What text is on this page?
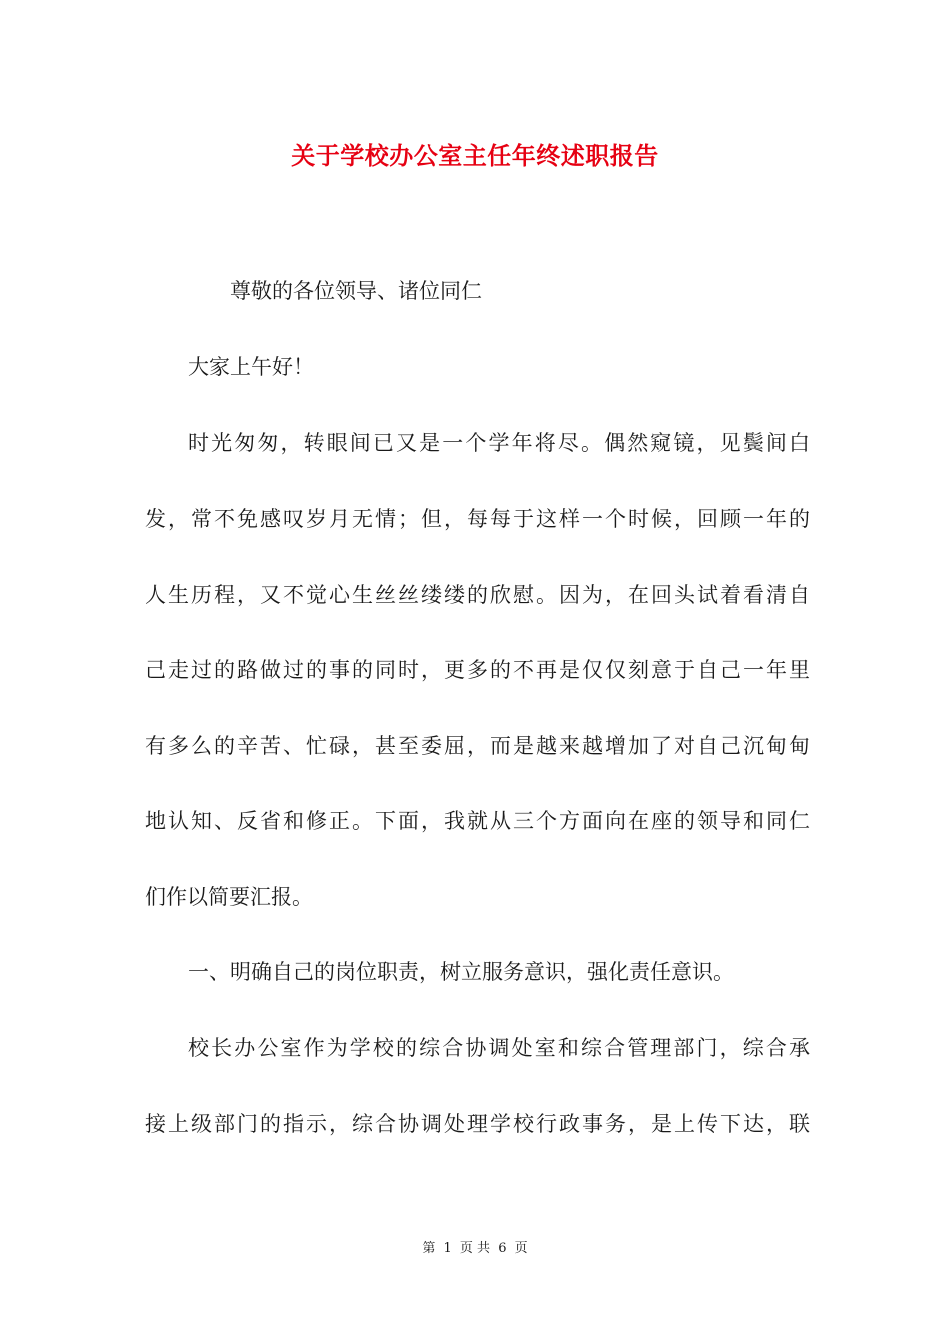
关于学校办公室主任年终述职报告
尊敬的各位领导、诸位同仁
大家上午好！
时光匆匆，转眼间已又是一个学年将尽。偶然窥镜，见鬓间白
发，常不免感叹岁月无情；但，每每于这样一个时候，回顾一年的
人生历程，又不觉心生丝丝缕缕的欣慰。因为，在回头试着看清自
己走过的路做过的事的同时，更多的不再是仅仅刻意于自己一年里
有多么的辛苦、忙碌，甚至委屈，而是越来越增加了对自己沉甸甸
地认知、反省和修正。下面，我就从三个方面向在座的领导和同仁
们作以简要汇报。
一、明确自己的岗位职责，树立服务意识，强化责任意识。
校长办公室作为学校的综合协调处室和综合管理部门，综合承
接上级部门的指示，综合协调处理学校行政事务，是上传下达，联
第 1 页 共 6 页
